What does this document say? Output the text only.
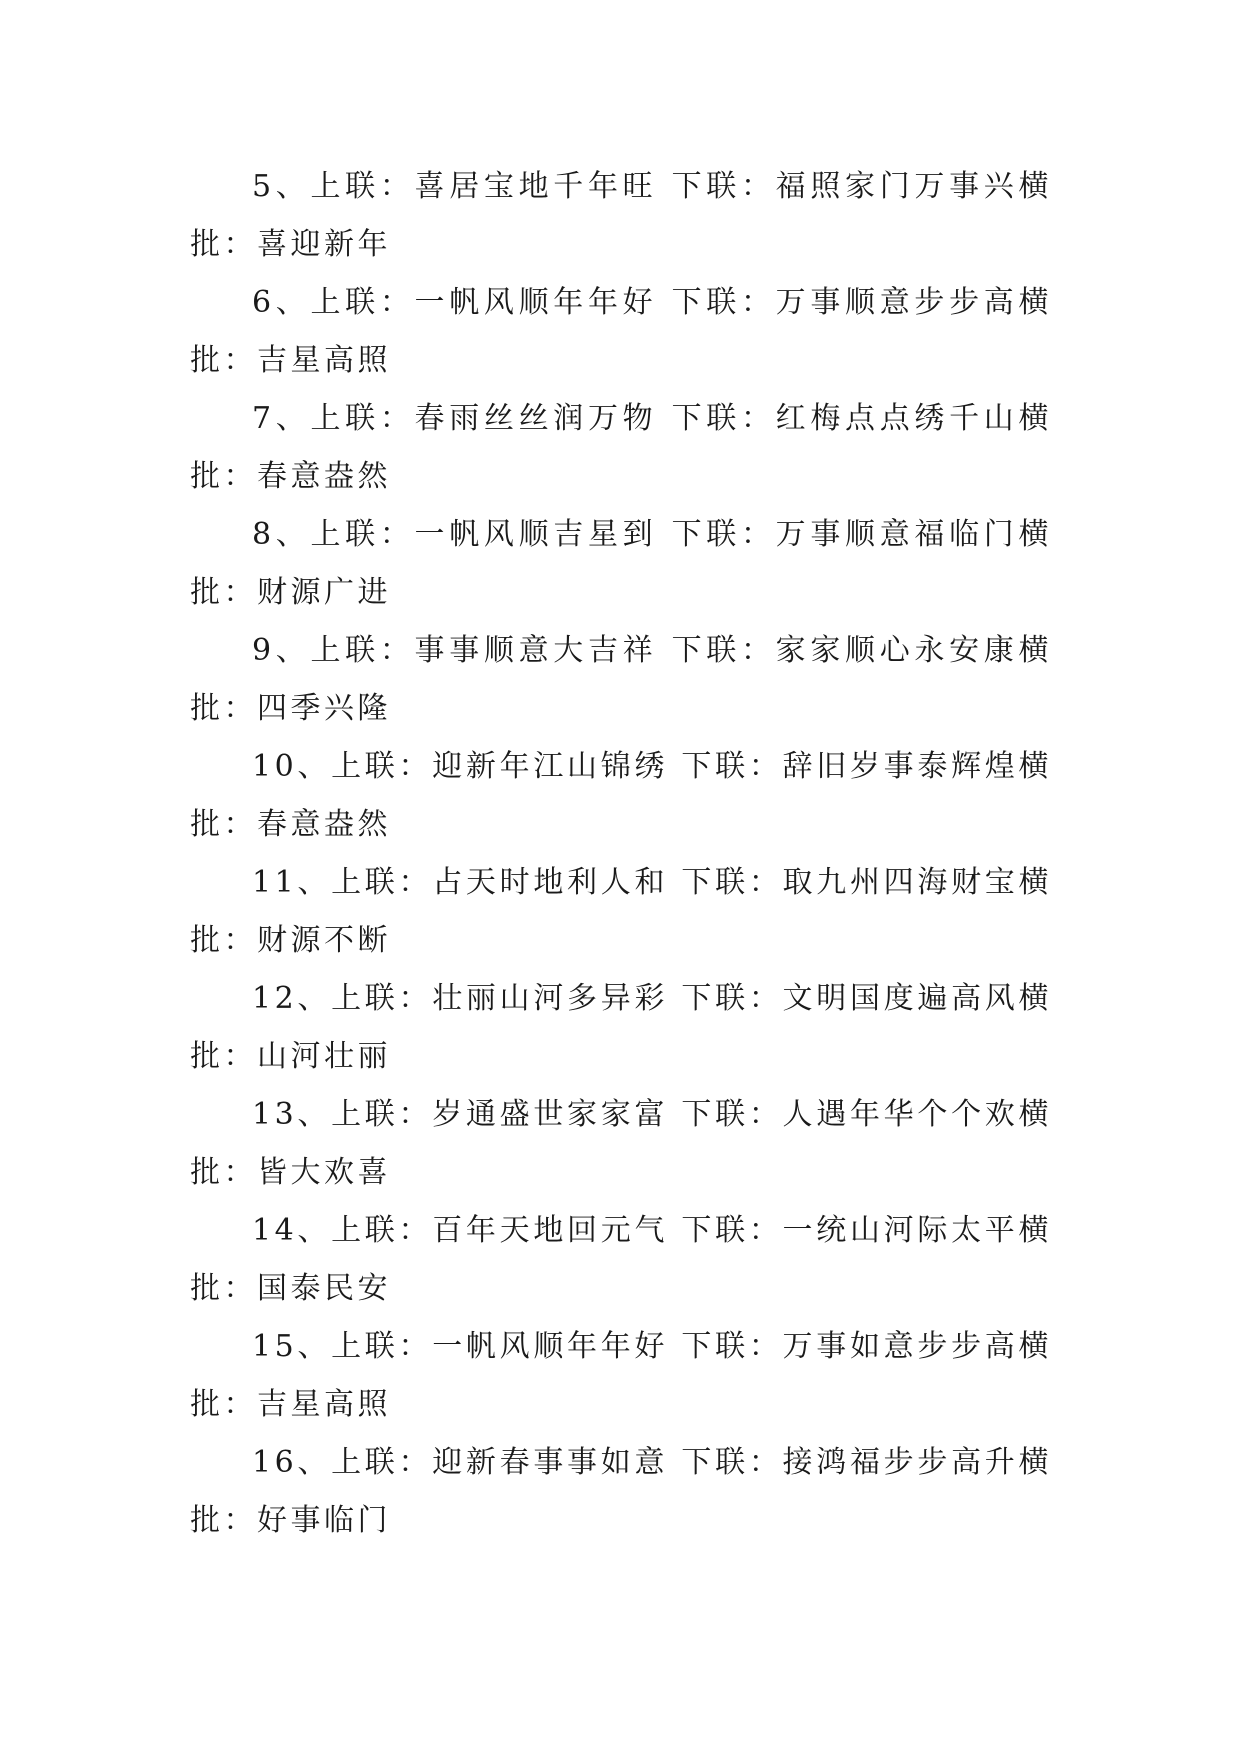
5、上联：喜居宝地千年旺 下联：福照家门万事兴横批：喜迎新年

6、上联：一帆风顺年年好 下联：万事顺意步步高横批：吉星高照

7、上联：春雨丝丝润万物 下联：红梅点点绣千山横批：春意盎然

8、上联：一帆风顺吉星到 下联：万事顺意福临门横批：财源广进

9、上联：事事顺意大吉祥 下联：家家顺心永安康横批：四季兴隆

10、上联：迎新年江山锦绣 下联：辞旧岁事泰辉煌横批：春意盎然

11、上联：占天时地利人和 下联：取九州四海财宝横批：财源不断

12、上联：壮丽山河多异彩 下联：文明国度遍高风横批：山河壮丽

13、上联：岁通盛世家家富 下联：人遇年华个个欢横批：皆大欢喜

14、上联：百年天地回元气 下联：一统山河际太平横批：国泰民安

15、上联：一帆风顺年年好 下联：万事如意步步高横批：吉星高照

16、上联：迎新春事事如意 下联：接鸿福步步高升横批：好事临门
